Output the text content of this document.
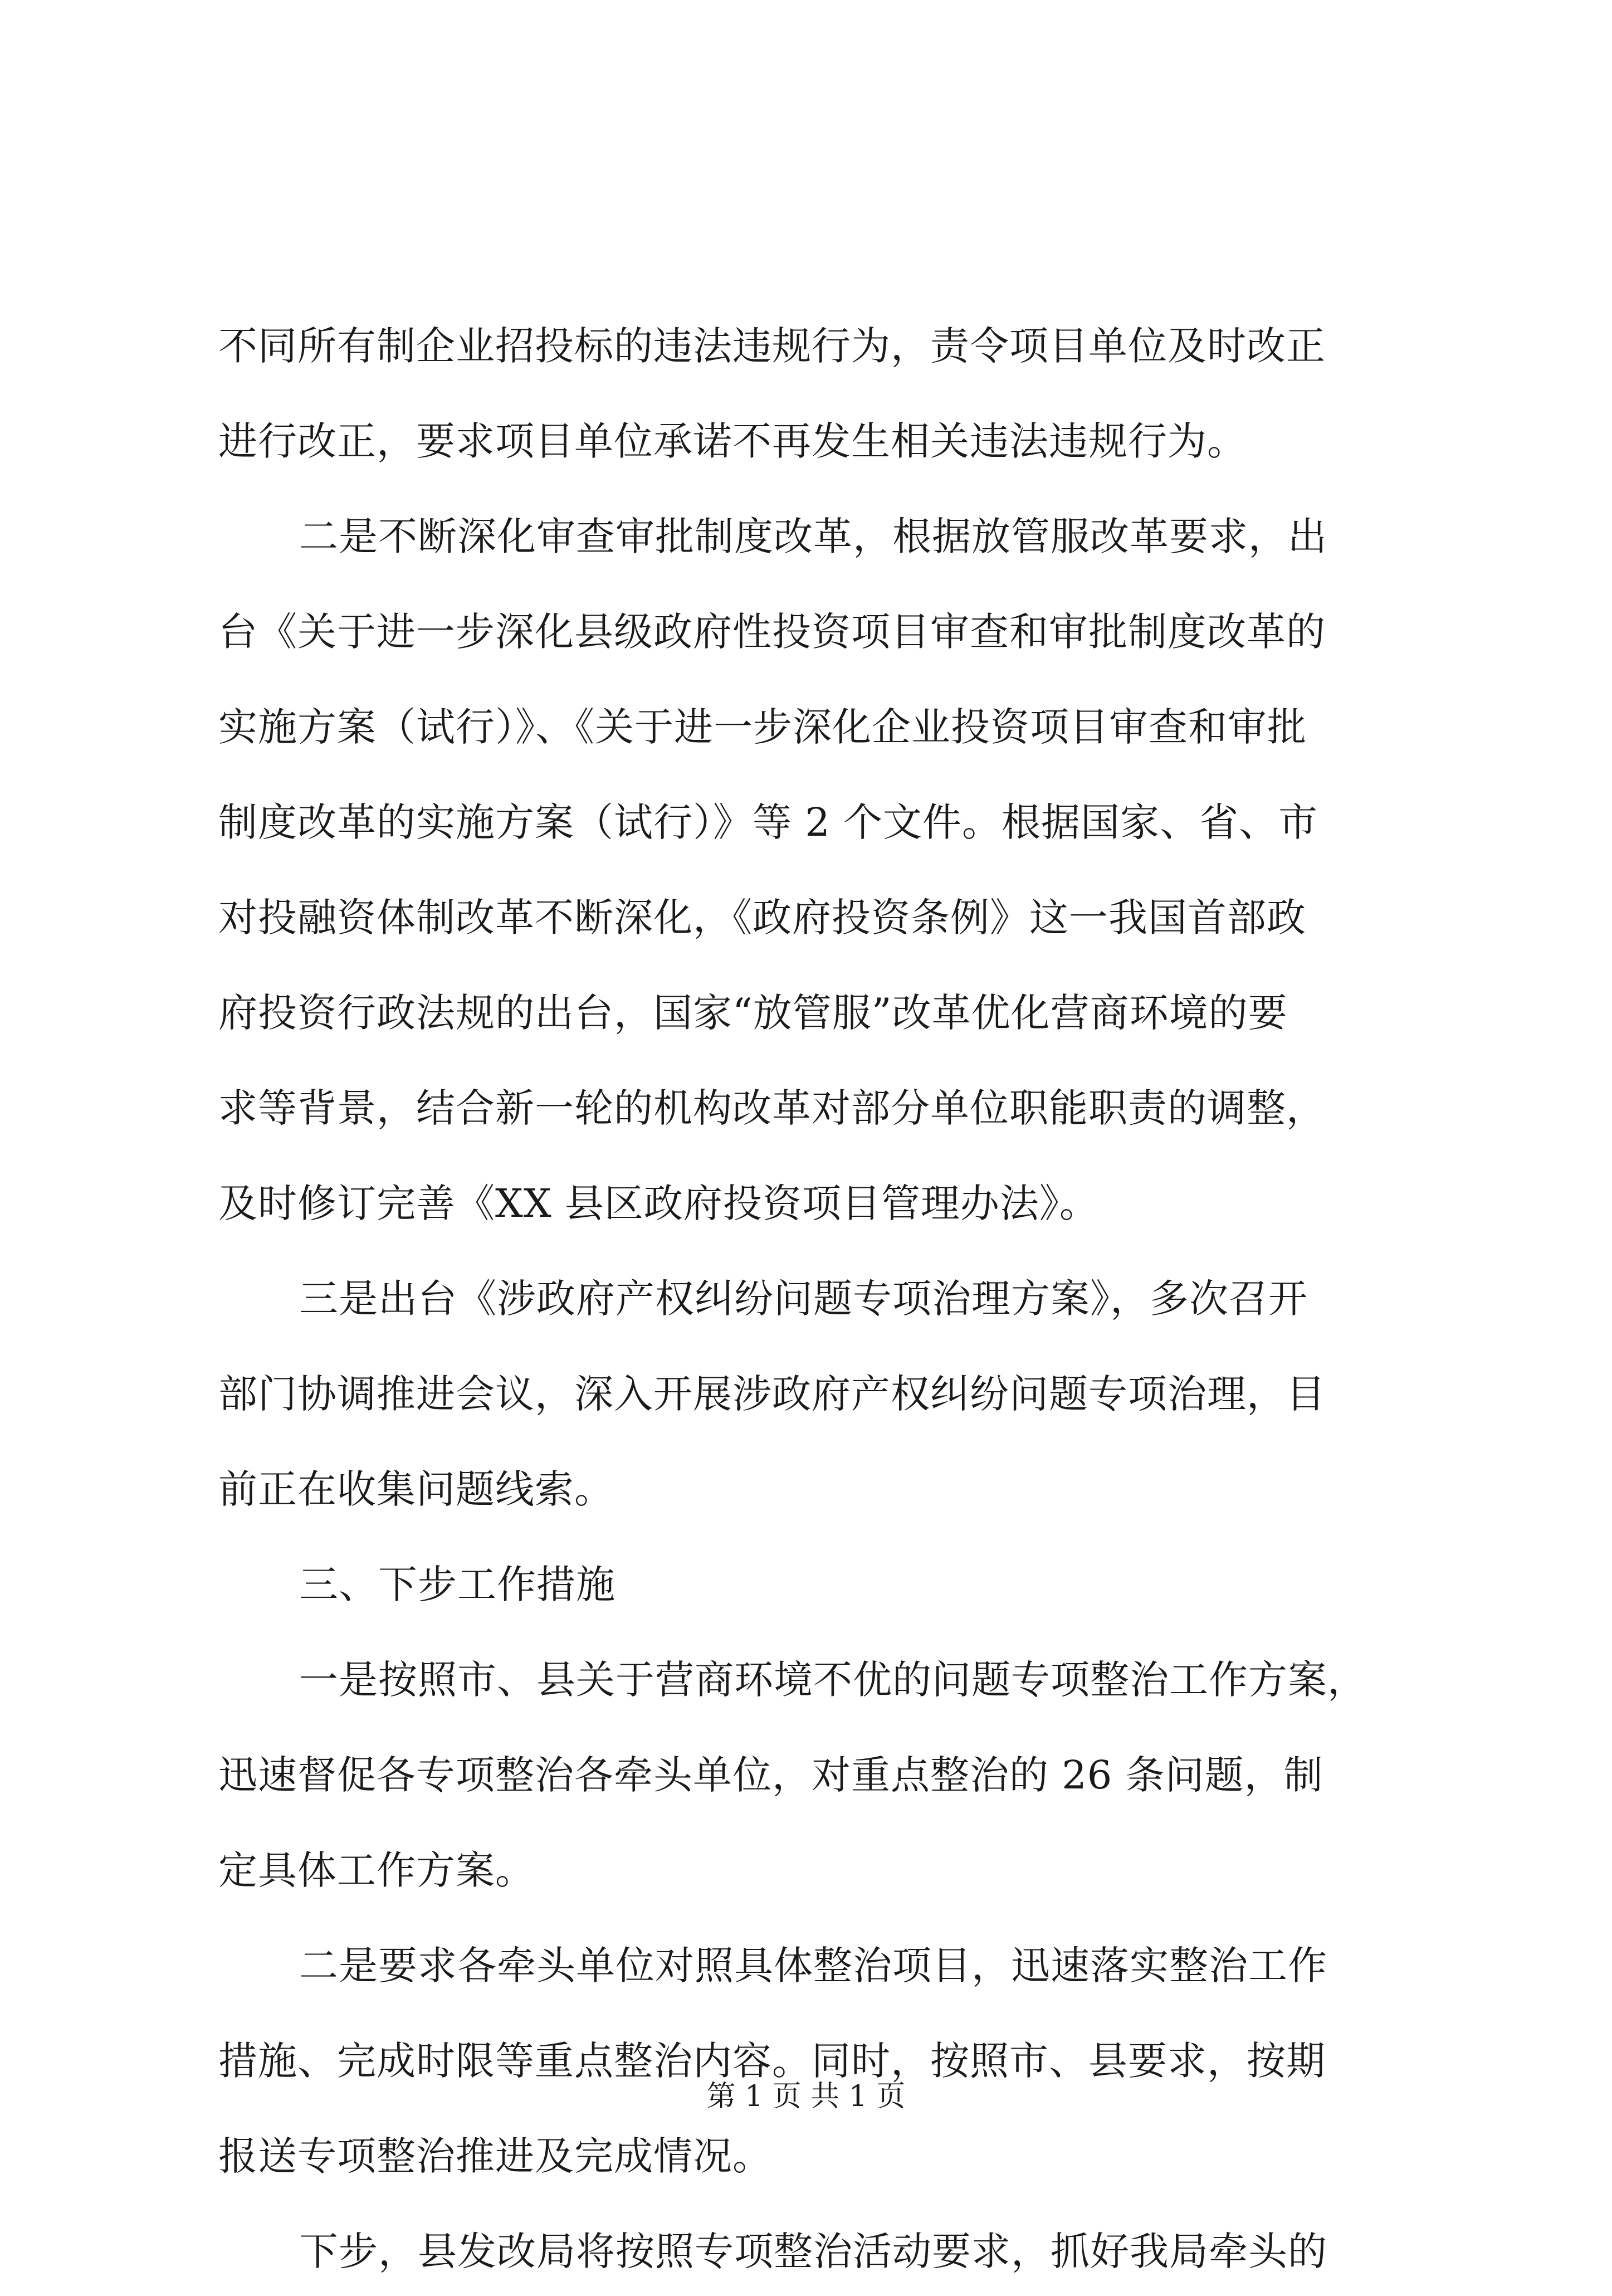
不同所有制企业招投标的违法违规行为，责令项目单位及时改正
进行改正，要求项目单位承诺不再发生相关违法违规行为。
二是不断深化审查审批制度改革，根据放管服改革要求，出
台《关于进一步深化县级政府性投资项目审查和审批制度改革的
实施方案（试行）》、《关于进一步深化企业投资项目审查和审批
制度改革的实施方案（试行）》等 2 个文件。根据国家、省、市
对投融资体制改革不断深化，《政府投资条例》这一我国首部政
府投资行政法规的出台，国家“放管服”改革优化营商环境的要
求等背景，结合新一轮的机构改革对部分单位职能职责的调整，
及时修订完善《XX 县区政府投资项目管理办法》。
三是出台《涉政府产权纠纷问题专项治理方案》，多次召开
部门协调推进会议，深入开展涉政府产权纠纷问题专项治理，目
前正在收集问题线索。
三、下步工作措施
一是按照市、县关于营商环境不优的问题专项整治工作方案，
迅速督促各专项整治各牵头单位，对重点整治的 26 条问题，制
定具体工作方案。
二是要求各牵头单位对照具体整治项目，迅速落实整治工作
措施、完成时限等重点整治内容。同时，按照市、县要求，按期
报送专项整治推进及完成情况。
下步，县发改局将按照专项整治活动要求，抓好我局牵头的
第 1 页 共 1 页
